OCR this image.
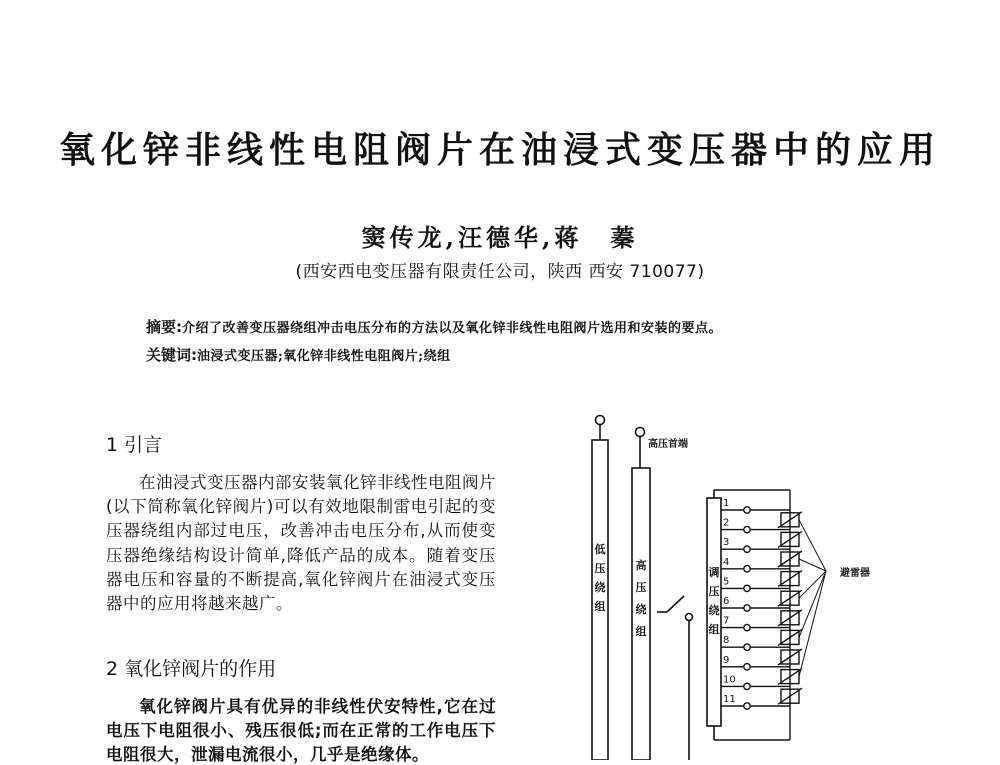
氧化锌非线性电阻阀片在油浸式变压器中的应用
窦传龙,汪德华,蒋　蓁
(西安西电变压器有限责任公司，陕西 西安 710077)
摘要:介绍了改善变压器绕组冲击电压分布的方法以及氧化锌非线性电阻阀片选用和安装的要点。
关键词:油浸式变压器;氧化锌非线性电阻阀片;绕组
1 引言
在油浸式变压器内部安装氧化锌非线性电阻阀片(以下简称氧化锌阀片)可以有效地限制雷电引起的变压器绕组内部过电压，改善冲击电压分布,从而使变压器绝缘结构设计简单,降低产品的成本。随着变压器电压和容量的不断提高,氧化锌阀片在油浸式变压器中的应用将越来越广。
2 氧化锌阀片的作用
氧化锌阀片具有优异的非线性伏安特性,它在过电压下电阻很小、残压很低;而在正常的工作电压下电阻很大，泄漏电流很小，几乎是绝缘体。
1
2
3
4
5
6
7
8
9
10
11
低
压
绕
组
高
压
绕
组
调
压
绕
组
高压首端
避雷器
